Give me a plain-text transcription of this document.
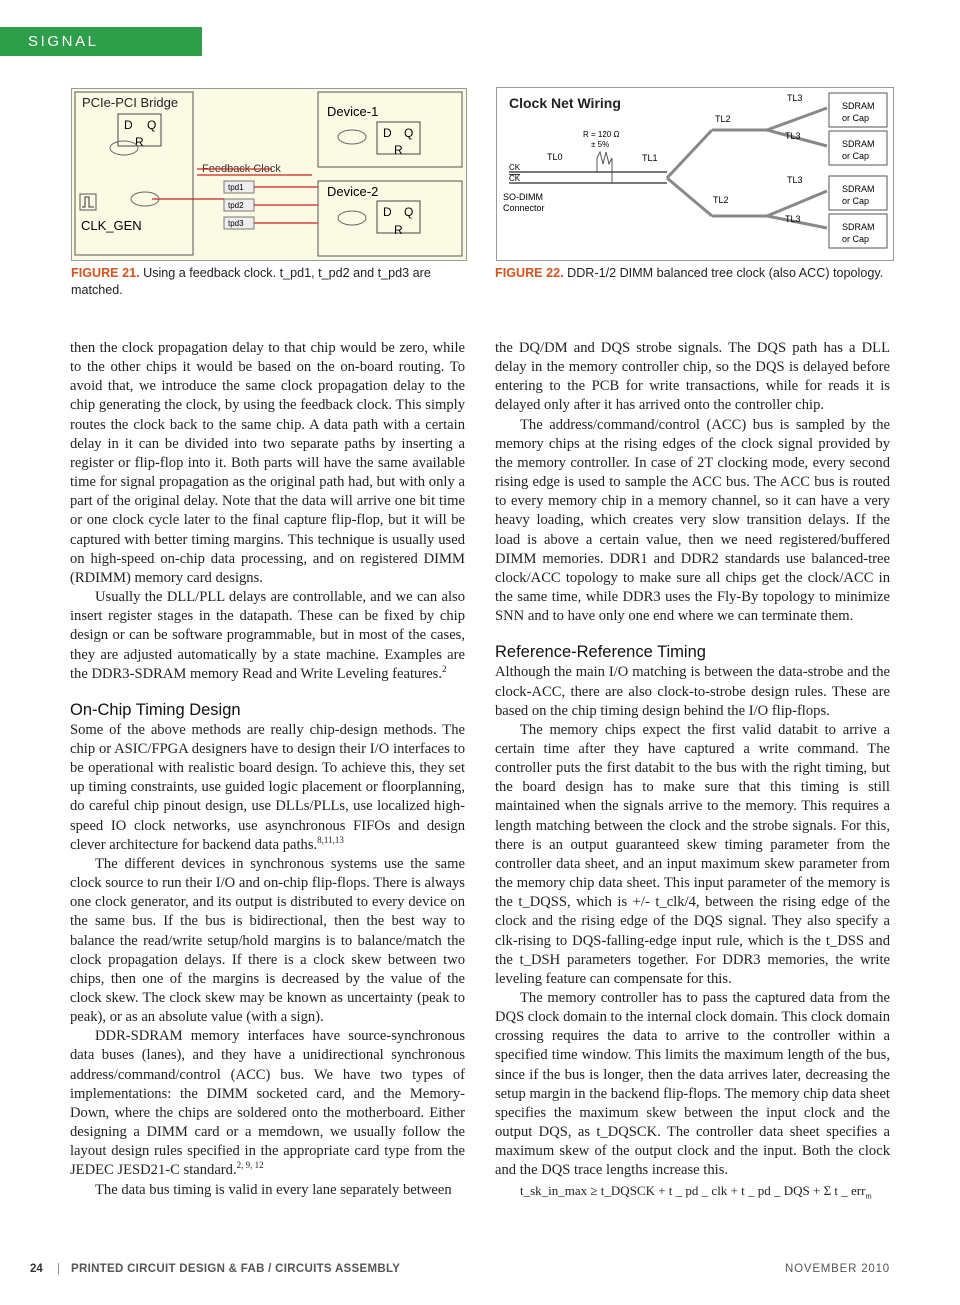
SIGNAL INTEGRITY
PCIe-PCI Bridge
D Q
R
Device-1
D Q
R
Device-2
D Q
R
Feedback Clock
tpd1
tpd2
tpd3
CLK_GEN
FIGURE 21. Using a feedback clock. t_pd1, t_pd2 and t_pd3 are matched.
Clock Net Wiring
R = 120 Ω
± 5%
CK
CK
SO-DIMM
Connector
TL0	TL1
TL2
TL2
TL3
TL3
TL3
TL3
SDRAM
or Cap
SDRAM
or Cap
SDRAM
or Cap
SDRAM
or Cap
FIGURE 22. DDR-1/2 DIMM balanced tree clock (also ACC) topology.

then the clock propagation delay to that chip would be zero, while to the other chips it would be based on the on-board routing. To avoid that, we introduce the same clock propagation delay to the chip generating the clock, by using the feedback clock. This simply routes the clock back to the same chip. A data path with a certain delay in it can be divided into two separate paths by inserting a register or flip-flop into it. Both parts will have the same available time for signal propagation as the original path had, but with only a part of the original delay. Note that the data will arrive one bit time or one clock cycle later to the final capture flip-flop, but it will be captured with better timing margins. This technique is usually used on high-speed on-chip data processing, and on registered DIMM (RDIMM) memory card designs.

Usually the DLL/PLL delays are controllable, and we can also insert register stages in the datapath. These can be fixed by chip design or can be software programmable, but in most of the cases, they are adjusted automatically by a state machine. Examples are the DDR3-SDRAM memory Read and Write Leveling features.$^2$

On-Chip Timing Design

Some of the above methods are really chip-design methods. The chip or ASIC/FPGA designers have to design their I/O interfaces to be operational with realistic board design. To achieve this, they set up timing constraints, use guided logic placement or floorplanning, do careful chip pinout design, use DLLs/PLLs, use localized high-speed IO clock networks, use asynchronous FIFOs and design clever architecture for backend data paths.$^{8,11,13}$

The different devices in synchronous systems use the same clock source to run their I/O and on-chip flip-flops. There is always one clock generator, and its output is distributed to every device on the same bus. If the bus is bidirectional, then the best way to balance the read/write setup/hold margins is to balance/match the clock propagation delays. If there is a clock skew between two chips, then one of the margins is decreased by the value of the clock skew. The clock skew may be known as uncertainty (peak to peak), or as an absolute value (with a sign).

DDR-SDRAM memory interfaces have source-synchronous data buses (lanes), and they have a unidirectional synchronous address/command/control (ACC) bus. We have two types of implementations: the DIMM socketed card, and the Memory-Down, where the chips are soldered onto the motherboard. Either designing a DIMM card or a memdown, we usually follow the layout design rules specified in the appropriate card type from the JEDEC JESD21-C standard.$^{2, 9, 12}$

The data bus timing is valid in every lane separately between

the DQ/DM and DQS strobe signals. The DQS path has a DLL delay in the memory controller chip, so the DQS is delayed before entering to the PCB for write transactions, while for reads it is delayed only after it has arrived onto the controller chip.

The address/command/control (ACC) bus is sampled by the memory chips at the rising edges of the clock signal provided by the memory controller. In case of 2T clocking mode, every second rising edge is used to sample the ACC bus. The ACC bus is routed to every memory chip in a memory channel, so it can have a very heavy loading, which creates very slow transition delays. If the load is above a certain value, then we need registered/buffered DIMM memories. DDR1 and DDR2 standards use balanced-tree clock/ACC topology to make sure all chips get the clock/ACC in the same time, while DDR3 uses the Fly-By topology to minimize SNN and to have only one end where we can terminate them.

Reference-Reference Timing

Although the main I/O matching is between the data-strobe and the clock-ACC, there are also clock-to-strobe design rules. These are based on the chip timing design behind the I/O flip-flops.

The memory chips expect the first valid databit to arrive a certain time after they have captured a write command. The controller puts the first databit to the bus with the right timing, but the board design has to make sure that this timing is still maintained when the signals arrive to the memory. This requires a length matching between the clock and the strobe signals. For this, there is an output guaranteed skew timing parameter from the controller data sheet, and an input maximum skew parameter from the memory chip data sheet. This input parameter of the memory is the t_DQSS, which is +/- t_clk/4, between the rising edge of the clock and the rising edge of the DQS signal. They also specify a clk-rising to DQS-falling-edge input rule, which is the t_DSS and the t_DSH parameters together. For DDR3 memories, the write leveling feature can compensate for this.

The memory controller has to pass the captured data from the DQS clock domain to the internal clock domain. This clock domain crossing requires the data to arrive to the controller within a specified time window. This limits the maximum length of the bus, since if the bus is longer, then the data arrives later, decreasing the setup margin in the backend flip-flops. The memory chip data sheet specifies the maximum skew between the input clock and the output DQS, as t_DQSCK. The controller data sheet specifies a maximum skew of the output clock and the input. Both the clock and the DQS trace lengths increase this.

t_sk_in_max ≥ t_DQSCK + t _ pd _ clk + t _ pd _ DQS + Σ t _ err$_m$

24 | PRINTED CIRCUIT DESIGN & FAB / CIRCUITS ASSEMBLY	NOVEMBER 2010
